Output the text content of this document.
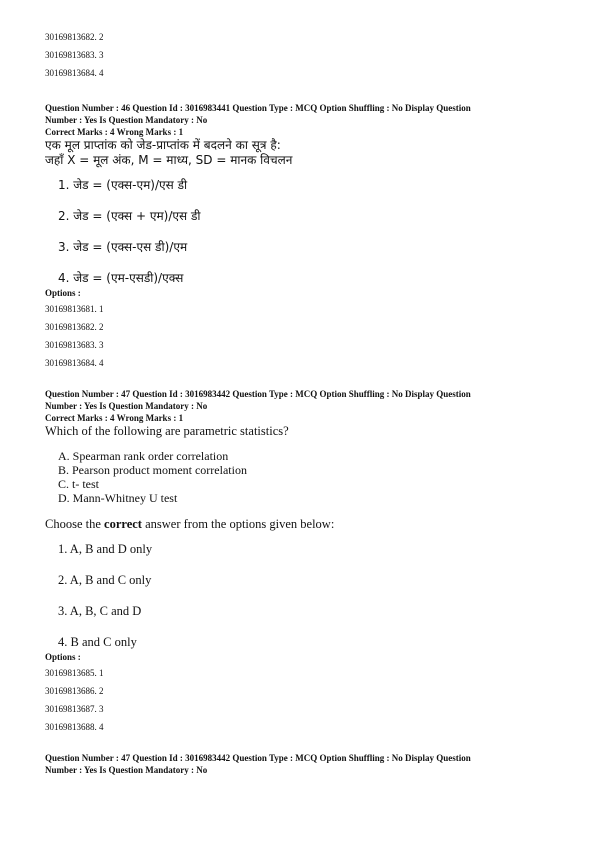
30169813682. 2
30169813683. 3
30169813684. 4
Question Number : 46 Question Id : 3016983441 Question Type : MCQ Option Shuffling : No Display Question
Number : Yes Is Question Mandatory : No
Correct Marks : 4 Wrong Marks : 1
एक मूल प्राप्तांक को जेड-प्राप्तांक में बदलने का सूत्र है:
जहाँ X = मूल अंक, M = माध्य, SD = मानक विचलन
1. जेड = (एक्स-एम)/एस डी
2. जेड = (एक्स + एम)/एस डी
3. जेड = (एक्स-एस डी)/एम
4. जेड = (एम-एसडी)/एक्स
Options :
30169813681. 1
30169813682. 2
30169813683. 3
30169813684. 4
Question Number : 47 Question Id : 3016983442 Question Type : MCQ Option Shuffling : No Display Question
Number : Yes Is Question Mandatory : No
Correct Marks : 4 Wrong Marks : 1
Which of the following are parametric statistics?
A. Spearman rank order correlation
B. Pearson product moment correlation
C. t- test
D. Mann-Whitney U test
Choose the correct answer from the options given below:
1. A, B and D only
2. A, B and C only
3. A, B, C and D
4. B and C only
Options :
30169813685. 1
30169813686. 2
30169813687. 3
30169813688. 4
Question Number : 47 Question Id : 3016983442 Question Type : MCQ Option Shuffling : No Display Question
Number : Yes Is Question Mandatory : No
